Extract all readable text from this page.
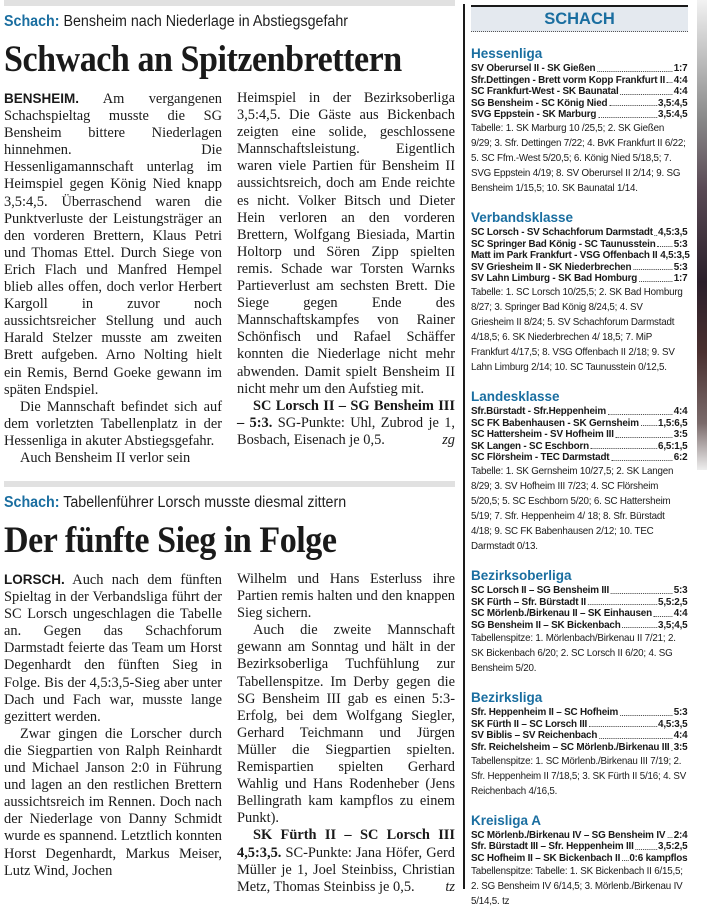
Schach: Bensheim nach Niederlage in Abstiegsgefahr
Schwach an Spitzenbrettern

BENSHEIM. Am vergangenen Schachspieltag musste die SG Bensheim bittere Niederlagen hinnehmen. Die Hessenligamannschaft unterlag im Heimspiel gegen König Nied knapp 3,5:4,5. Überraschend waren die Punktverluste der Leistungsträger an den vorderen Brettern, Klaus Petri und Thomas Ettel. Durch Siege von Erich Flach und Manfred Hempel blieb alles offen, doch verlor Herbert Kargoll in zuvor noch aussichtsreicher Stellung und auch Harald Stelzer musste am zweiten Brett aufgeben. Arno Nolting hielt ein Remis, Bernd Goeke gewann im späten Endspiel.

Die Mannschaft befindet sich auf dem vorletzten Tabellenplatz in der Hessenliga in akuter Abstiegsgefahr.

Auch Bensheim II verlor sein

Heimspiel in der Bezirksoberliga 3,5:4,5. Die Gäste aus Bickenbach zeigten eine solide, geschlossene Mannschaftsleistung. Eigentlich waren viele Partien für Bensheim II aussichtsreich, doch am Ende reichte es nicht. Volker Bitsch und Dieter Hein verloren an den vorderen Brettern, Wolfgang Biesiada, Martin Holtorp und Sören Zipp spielten remis. Schade war Torsten Warnks Partieverlust am sechsten Brett. Die Siege gegen Ende des Mannschaftskampfes von Rainer Schönfisch und Rafael Schäffer konnten die Niederlage nicht mehr abwenden. Damit spielt Bensheim II nicht mehr um den Aufstieg mit.

SC Lorsch II – SG Bensheim III – 5:3. SG-Punkte: Uhl, Zubrod je 1, Bosbach, Eisenach je 0,5.	zg

Schach: Tabellenführer Lorsch musste diesmal zittern
Der fünfte Sieg in Folge

LORSCH. Auch nach dem fünften Spieltag in der Verbandsliga führt der SC Lorsch ungeschlagen die Tabelle an. Gegen das Schachforum Darmstadt feierte das Team um Horst Degenhardt den fünften Sieg in Folge. Bis der 4,5:3,5-Sieg aber unter Dach und Fach war, musste lange gezittert werden.

Zwar gingen die Lorscher durch die Siegpartien von Ralph Reinhardt und Michael Janson 2:0 in Führung und lagen an den restlichen Brettern aussichtsreich im Rennen. Doch nach der Niederlage von Danny Schmidt wurde es spannend. Letztlich konnten Horst Degenhardt, Markus Meiser, Lutz Wind, Jochen

Wilhelm und Hans Esterluss ihre Partien remis halten und den knappen Sieg sichern.

Auch die zweite Mannschaft gewann am Sonntag und hält in der Bezirksoberliga Tuchfühlung zur Tabellenspitze. Im Derby gegen die SG Bensheim III gab es einen 5:3-Erfolg, bei dem Wolfgang Siegler, Gerhard Teichmann und Jürgen Müller die Siegpartien spielten. Remispartien spielten Gerhard Wahlig und Hans Rodenheber (Jens Bellingrath kam kampflos zu einem Punkt).

SK Fürth II – SC Lorsch III 4,5:3,5. SC-Punkte: Jana Höfer, Gerd Müller je 1, Joel Steinbiss, Christian Metz, Thomas Steinbiss je 0,5.	tz

SCHACH
Hessenliga
SV Oberursel II - SK Gießen	1:7
Sfr.Dettingen - Brett vorm Kopp Frankfurt II 4:4
SC Frankfurt-West - SK Baunatal	4:4
SG Bensheim - SC König Nied	3,5:4,5
SVG Eppstein - SK Marburg	3,5:4,5
Tabelle: 1. SK Marburg 10 /25,5; 2. SK Gießen 9/29; 3. Sfr. Dettingen 7/22; 4. BvK Frankfurt II 6/22; 5. SC Ffm.-West 5/20,5; 6. König Nied 5/18,5; 7. SVG Eppstein 4/19; 8. SV Oberursel II 2/14; 9. SG Bensheim 1/15,5; 10. SK Baunatal 1/14.
Verbandsklasse
SC Lorsch - SV Schachforum Darmstadt 4,5:3,5
SC Springer Bad König - SC Taunusstein 5:3
Matt im Park Frankfurt - VSG Offenbach II 4,5:3,5
SV Griesheim II - SK Niederbrechen	5:3
SV Lahn Limburg - SK Bad Homburg	1:7
Tabelle: 1. SC Lorsch 10/25,5; 2. SK Bad Homburg 8/27; 3. Springer Bad König 8/24,5; 4. SV Griesheim II 8/24; 5. SV Schachforum Darmstadt 4/18,5; 6. SK Niederbrechen 4/ 18,5; 7. MiP Frankfurt 4/17,5; 8. VSG Offenbach II 2/18; 9. SV Lahn Limburg 2/14; 10. SC Taunusstein 0/12,5.
Landesklasse
Sfr.Bürstadt - Sfr.Heppenheim	4:4
SC FK Babenhausen - SK Gernsheim 1,5:6,5
SC Hattersheim - SV Hofheim III	3:5
SK Langen - SC Eschborn	6,5:1,5
SC Flörsheim - TEC Darmstadt	6:2
Tabelle: 1. SK Gernsheim 10/27,5; 2. SK Langen 8/29; 3. SV Hofheim III 7/23; 4. SC Flörsheim 5/20,5; 5. SC Eschborn 5/20; 6. SC Hattersheim 5/19; 7. Sfr. Heppenheim 4/ 18; 8. Sfr. Bürstadt 4/18; 9. SC FK Babenhausen 2/12; 10. TEC Darmstadt 0/13.
Bezirksoberliga
SC Lorsch II – SG Bensheim III	5:3
SK Fürth – Sfr. Bürstadt II	5,5:2,5
SC Mörlenb./Birkenau II – SK Einhausen 4:4
SG Bensheim II – SK Bickenbach	3,5;4,5
Tabellenspitze: 1. Mörlenbach/Birkenau II 7/21; 2. SK Bickenbach 6/20; 2. SC Lorsch II 6/20; 4. SG Bensheim 5/20.
Bezirksliga
Sfr. Heppenheim II – SC Hofheim	5:3
SK Fürth II – SC Lorsch III	4,5:3,5
SV Biblis – SV Reichenbach	4:4
Sfr. Reichelsheim – SC Mörlenb./Birkenau III 3:5
Tabellenspitze: 1. SC Mörlenb./Birkenau III 7/19; 2. Sfr. Heppenheim II 7/18,5; 3. SK Fürth II 5/16; 4. SV Reichenbach 4/16,5.
Kreisliga A
SC Mörlenb./Birkenau IV – SG Bensheim IV 2:4
Sfr. Bürstadt III – Sfr. Heppenheim III 3,5:2,5
SC Hofheim II – SK Bickenbach II 0:6 kampflos
Tabellenspitze: Tabelle: 1. SK Bickenbach II 6/15,5; 2. SG Bensheim IV 6/14,5; 3. Mörlenb./Birkenau IV 5/14,5. tz
